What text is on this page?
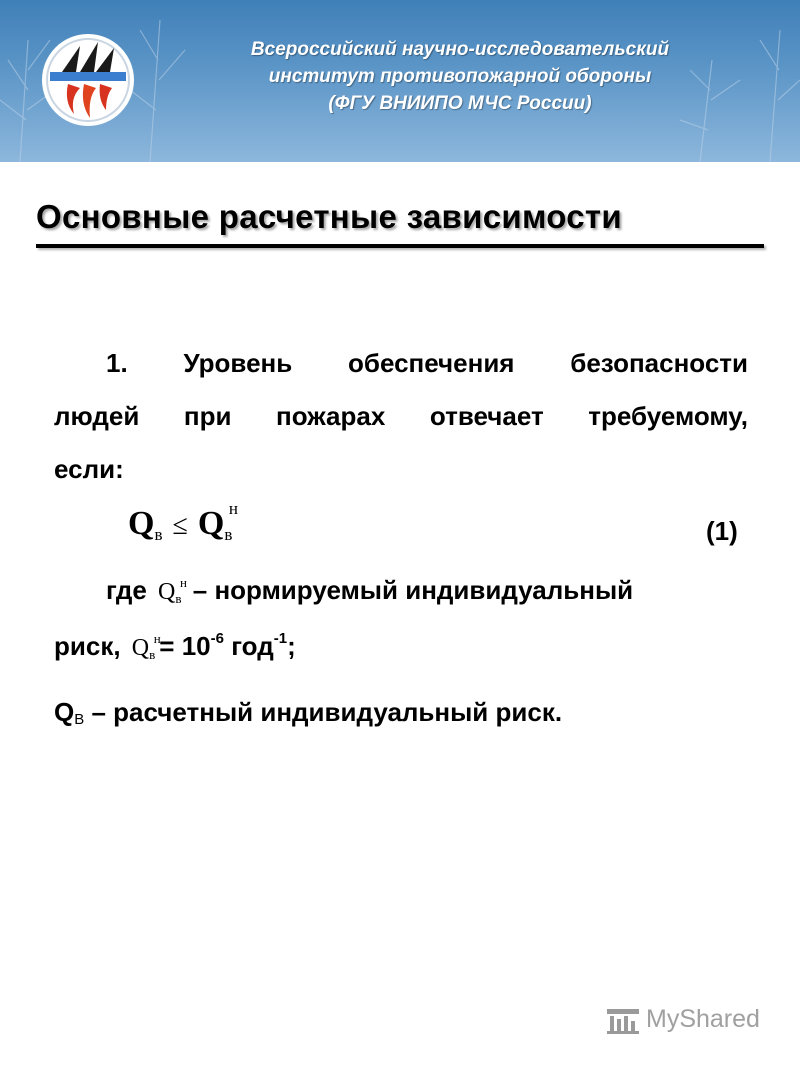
Всероссийский научно-исследовательский
институт противопожарной обороны
(ФГУ ВНИИПО МЧС России)
Основные расчетные зависимости
1. Уровень обеспечения безопасности
людей при пожарах отвечает требуемому,
если:
$Q_в \le Q_в$
н
(1)
где Qв
н – нормируемый индивидуальный
риск, Qв
н
= $10^{-6}$ год$^{-1}$;
QВ – расчетный индивидуальный риск.
MyShared
